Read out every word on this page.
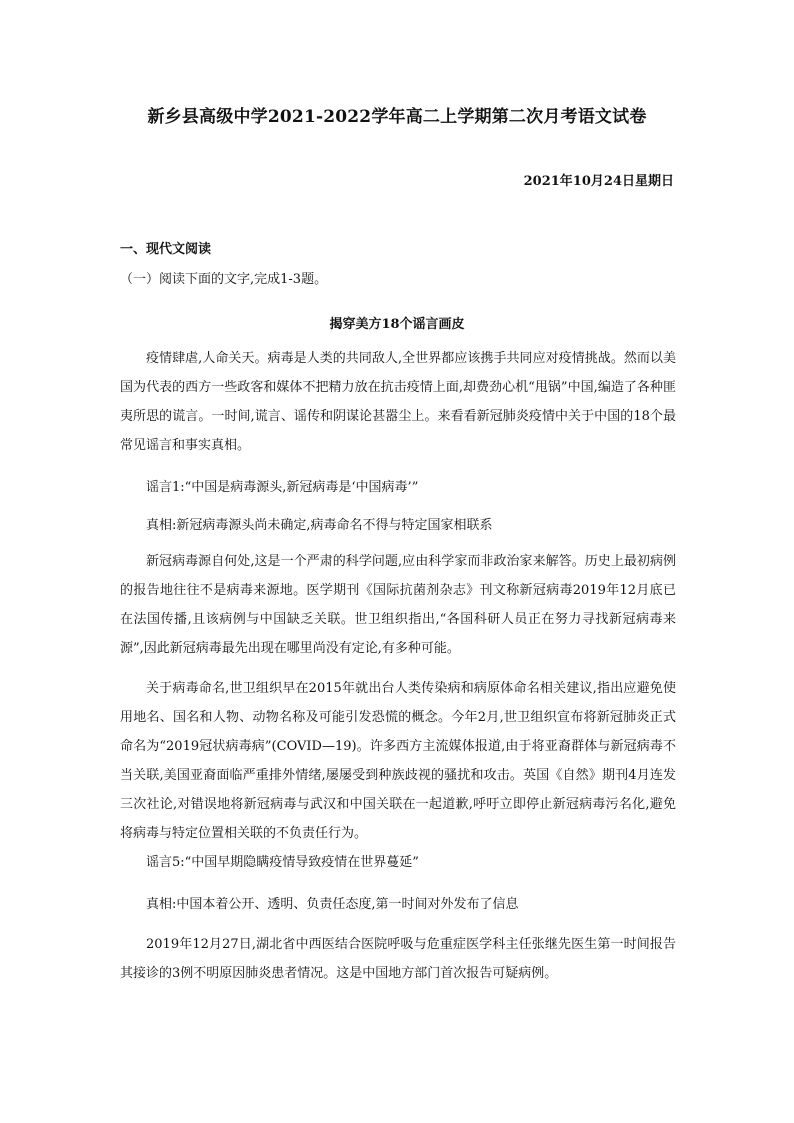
新乡县高级中学2021-2022学年高二上学期第二次月考语文试卷
2021年10月24日星期日
一、现代文阅读
（一）阅读下面的文字,完成1-3题。
揭穿美方18个谣言画皮

疫情肆虐,人命关天。病毒是人类的共同敌人,全世界都应该携手共同应对疫情挑战。然而以美国为代表的西方一些政客和媒体不把精力放在抗击疫情上面,却费劲心机“甩锅”中国,编造了各种匪夷所思的谎言。一时间,谎言、谣传和阴谋论甚嚣尘上。来看看新冠肺炎疫情中关于中国的18个最常见谣言和事实真相。

谣言1:“中国是病毒源头,新冠病毒是‘中国病毒’”

真相:新冠病毒源头尚未确定,病毒命名不得与特定国家相联系

新冠病毒源自何处,这是一个严肃的科学问题,应由科学家而非政治家来解答。历史上最初病例的报告地往往不是病毒来源地。医学期刊《国际抗菌剂杂志》刊文称新冠病毒2019年12月底已在法国传播,且该病例与中国缺乏关联。世卫组织指出,“各国科研人员正在努力寻找新冠病毒来源”,因此新冠病毒最先出现在哪里尚没有定论,有多种可能。

关于病毒命名,世卫组织早在2015年就出台人类传染病和病原体命名相关建议,指出应避免使用地名、国名和人物、动物名称及可能引发恐慌的概念。今年2月,世卫组织宣布将新冠肺炎正式命名为“2019冠状病毒病”(COVID—19)。许多西方主流媒体报道,由于将亚裔群体与新冠病毒不当关联,美国亚裔面临严重排外情绪,屡屡受到种族歧视的骚扰和攻击。英国《自然》期刊4月连发三次社论,对错误地将新冠病毒与武汉和中国关联在一起道歉,呼吁立即停止新冠病毒污名化,避免将病毒与特定位置相关联的不负责任行为。

谣言5:“中国早期隐瞒疫情导致疫情在世界蔓延”

真相:中国本着公开、透明、负责任态度,第一时间对外发布了信息

2019年12月27日,湖北省中西医结合医院呼吸与危重症医学科主任张继先医生第一时间报告其接诊的3例不明原因肺炎患者情况。这是中国地方部门首次报告可疑病例。
